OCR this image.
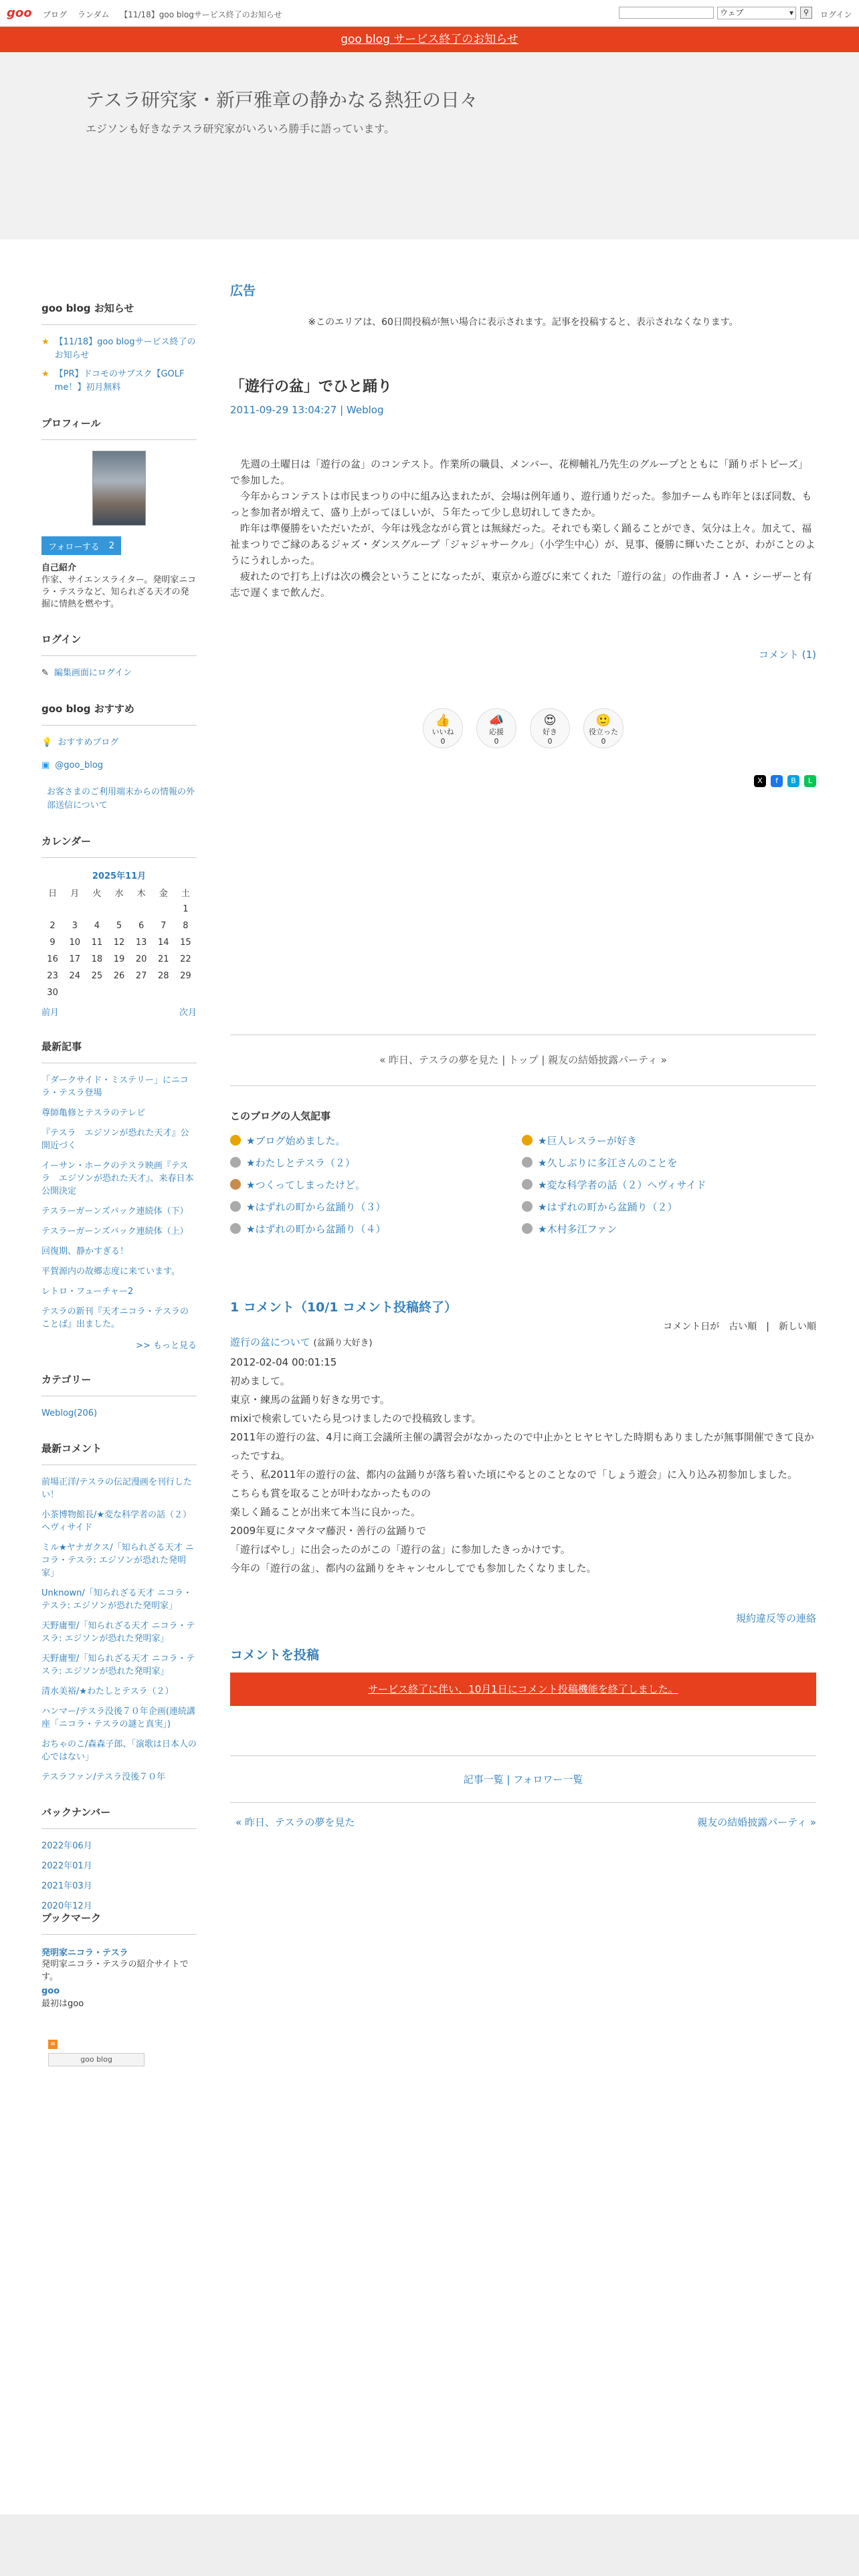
goo ブログ ランダム 【11/18】goo blogサービス終了のお知らせ	ウェブ ▾	⚲	ログイン
goo blog サービス終了のお知らせ
テスラ研究家・新戸雅章の静かなる熱狂の日々
エジソンも好きなテスラ研究家がいろいろ勝手に語っています。
goo blog お知らせ
★ 【11/18】goo blogサービス終了のお知らせ
★ 【PR】ドコモのサブスク【GOLF me！】初月無料
プロフィール
フォローする 2
自己紹介
作家、サイエンスライター。発明家ニコラ・テスラなど、知られざる天才の発掘に情熱を燃やす。
ログイン
✎ 編集画面にログイン
goo blog おすすめ
💡 おすすめブログ
▣ @goo_blog
お客さまのご利用端末からの情報の外部送信について
カレンダー
2025年11月
日	月	火	水	木	金	土
						1
2	3	4	5	6	7	8
9	10	11	12	13	14	15
16	17	18	19	20	21	22
23	24	25	26	27	28	29
30						
前月	次月
最新記事
「ダークサイド・ミステリー」にニコラ・テスラ登場
尊師亀修とテスラのテレビ
『テスラ　エジソンが恐れた天才』公開近づく
イーサン・ホークのテスラ映画『テスラ　エジソンが恐れた天才』、来春日本公開決定
テスラーガーンズバック連続体（下）
テスラーガーンズバック連続体（上）
回復期、静かすぎる！
平賀源内の故郷志度に来ています。
レトロ・フューチャー2
テスラの新刊『天才ニコラ・テスラのことば』出ました。
>> もっと見る
カテゴリー
Weblog(206)
最新コメント
前場正洋/テスラの伝記漫画を刊行したい！
小茶博物館長/★変な科学者の話（２）ヘヴィサイド
ミル★ヤナガクス/「知られざる天才 ニコラ・テスラ: エジソンが恐れた発明家」
Unknown/「知られざる天才 ニコラ・テスラ: エジソンが恐れた発明家」
天野庸聖/「知られざる天才 ニコラ・テスラ: エジソンが恐れた発明家」
天野庸聖/「知られざる天才 ニコラ・テスラ: エジソンが恐れた発明家」
清水美裕/★わたしとテスラ（２）
ハンマー/テスラ没後７０年企画(連続講座「ニコラ・テスラの謎と真実」)
おちゃのこ/森森子郎、「演歌は日本人の心ではない」
テスラファン/テスラ没後７０年
バックナンバー
2022年06月
2022年01月
2021年03月
2020年12月
ブックマーク
発明家ニコラ・テスラ
発明家ニコラ・テスラの紹介サイトです。
goo
最初はgoo
≋
goo blog
広告
※このエリアは、60日間投稿が無い場合に表示されます。記事を投稿すると、表示されなくなります。
「遊行の盆」でひと踊り
2011-09-29 13:04:27 | Weblog

先週の土曜日は「遊行の盆」のコンテスト。作業所の職員、メンバー、花柳輔礼乃先生のグループとともに「踊りボトピーズ」で参加した。

今年からコンテストは市民まつりの中に組み込まれたが、会場は例年通り、遊行通りだった。参加チームも昨年とほぼ同数、もっと参加者が増えて、盛り上がってほしいが、５年たって少し息切れしてきたか。

昨年は準優勝をいただいたが、今年は残念ながら賞とは無縁だった。それでも楽しく踊ることができ、気分は上々。加えて、福祉まつりでご縁のあるジャズ・ダンスグループ「ジャジャサークル」（小学生中心）が、見事、優勝に輝いたことが、わがことのようにうれしかった。

疲れたので打ち上げは次の機会ということになったが、東京から遊びに来てくれた「遊行の盆」の作曲者Ｊ・Ａ・シーザーと有志で遅くまで飲んだ。

コメント (1)
👍
いいね
0
📣
応援
0
😍
好き
0
🙂
役立った
0
X	f	B	L
« 昨日、テスラの夢を見た | トップ | 親友の結婚披露パーティ »
このブログの人気記事
★ブログ始めました。	★巨人レスラーが好き
★わたしとテスラ（２）	★久しぶりに多江さんのことを
★つくってしまったけど。	★変な科学者の話（２）ヘヴィサイド
★はずれの町から盆踊り（３）	★はずれの町から盆踊り（２）
★はずれの町から盆踊り（４）	★木村多江ファン
1 コメント（10/1 コメント投稿終了）
コメント日が　古い順　|　新しい順
遊行の盆について (盆踊り大好き)
2012-02-04 00:01:15
初めまして。
東京・練馬の盆踊り好きな男です。
mixiで検索していたら見つけましたので投稿致します。
2011年の遊行の盆、4月に商工会議所主催の講習会がなかったので中止かとヒヤヒヤした時期もありましたが無事開催できて良かったですね。
そう、私2011年の遊行の盆、都内の盆踊りが落ち着いた頃にやるとのことなので「しょう遊会」に入り込み初参加しました。
こちらも賞を取ることが叶わなかったものの
楽しく踊ることが出来て本当に良かった。
2009年夏にタマタマ藤沢・善行の盆踊りで
「遊行ばやし」に出会ったのがこの「遊行の盆」に参加したきっかけです。
今年の「遊行の盆」、都内の盆踊りをキャンセルしてでも参加したくなりました。
規約違反等の連絡
コメントを投稿
サービス終了に伴い、10月1日にコメント投稿機能を終了しました。
記事一覧 | フォロワー一覧
« 昨日、テスラの夢を見た	親友の結婚披露パーティ »
